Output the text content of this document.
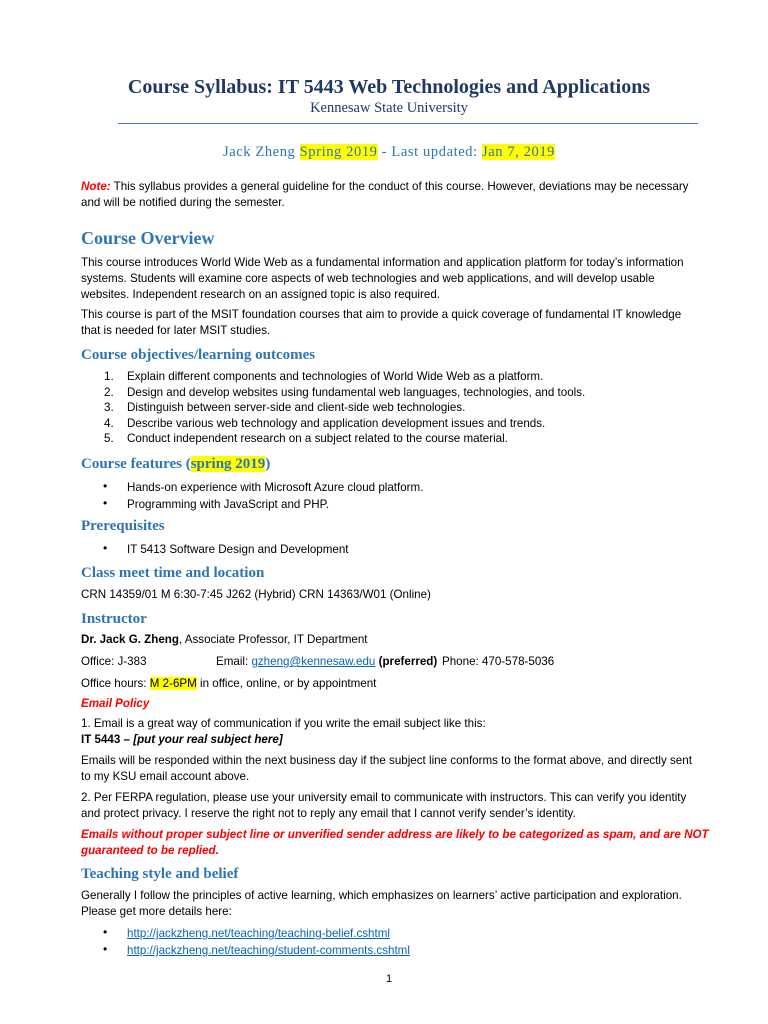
Course Syllabus: IT 5443 Web Technologies and Applications
Kennesaw State University
Jack Zheng Spring 2019 - Last updated: Jan 7, 2019

Note: This syllabus provides a general guideline for the conduct of this course. However, deviations may be necessary

and will be notified during the semester.

Course Overview

This course introduces World Wide Web as a fundamental information and application platform for today’s information

systems. Students will examine core aspects of web technologies and web applications, and will develop usable

websites. Independent research on an assigned topic is also required.

This course is part of the MSIT foundation courses that aim to provide a quick coverage of fundamental IT knowledge

that is needed for later MSIT studies.

Course objectives/learning outcomes
1. Explain different components and technologies of World Wide Web as a platform.
2. Design and develop websites using fundamental web languages, technologies, and tools.
3. Distinguish between server-side and client-side web technologies.
4. Describe various web technology and application development issues and trends.
5. Conduct independent research on a subject related to the course material.
Course features (spring 2019)
• Hands-on experience with Microsoft Azure cloud platform.
• Programming with JavaScript and PHP.
Prerequisites
• IT 5413 Software Design and Development
Class meet time and location

CRN 14359/01 M 6:30-7:45 J262 (Hybrid) CRN 14363/W01 (Online)

Instructor

Dr. Jack G. Zheng, Associate Professor, IT Department

Office: J-383	Email: gzheng@kennesaw.edu (preferred) Phone: 470-578-5036

Office hours: M 2-6PM in office, online, or by appointment

Email Policy

1. Email is a great way of communication if you write the email subject like this:

IT 5443 – [put your real subject here]

Emails will be responded within the next business day if the subject line conforms to the format above, and directly sent

to my KSU email account above.

2. Per FERPA regulation, please use your university email to communicate with instructors. This can verify you identity

and protect privacy. I reserve the right not to reply any email that I cannot verify sender’s identity.

Emails without proper subject line or unverified sender address are likely to be categorized as spam, and are NOT

guaranteed to be replied.

Teaching style and belief

Generally I follow the principles of active learning, which emphasizes on learners’ active participation and exploration.

Please get more details here:

• http://jackzheng.net/teaching/teaching-belief.cshtml
• http://jackzheng.net/teaching/student-comments.cshtml
1
